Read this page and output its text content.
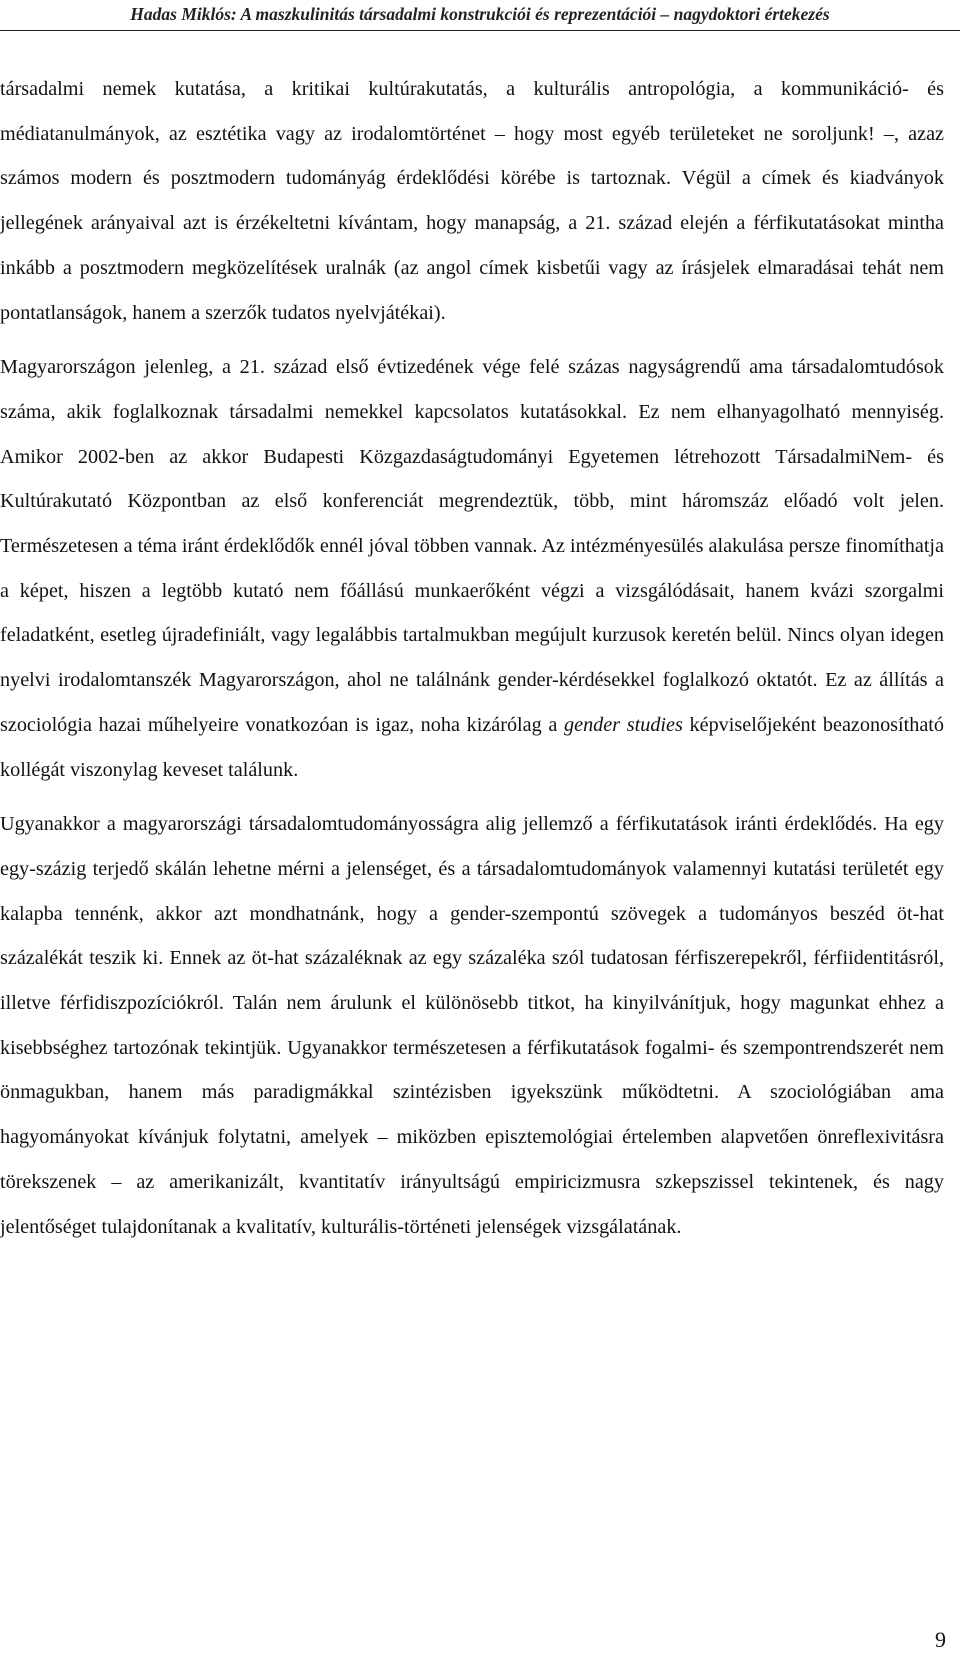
Hadas Miklós: A maszkulinitás társadalmi konstrukciói és reprezentációi – nagydoktori értekezés

társadalmi nemek kutatása, a kritikai kultúrakutatás, a kulturális antropológia, a kommunikáció- és médiatanulmányok, az esztétika vagy az irodalomtörténet – hogy most egyéb területeket ne soroljunk! –, azaz számos modern és posztmodern tudományág érdeklődési körébe is tartoznak. Végül a címek és kiadványok jellegének arányaival azt is érzékeltetni kívántam, hogy manapság, a 21. század elején a férfikutatásokat mintha inkább a posztmodern megközelítések uralnák (az angol címek kisbetűi vagy az írásjelek elmaradásai tehát nem pontatlanságok, hanem a szerzők tudatos nyelvjátékai).

Magyarországon jelenleg, a 21. század első évtizedének vége felé százas nagyságrendű ama társadalomtudósok száma, akik foglalkoznak társadalmi nemekkel kapcsolatos kutatásokkal. Ez nem elhanyagolható mennyiség. Amikor 2002-ben az akkor Budapesti Közgazdaságtudományi Egyetemen létrehozott TársadalmiNem- és Kultúrakutató Központban az első konferenciát megrendeztük, több, mint háromszáz előadó volt jelen. Természetesen a téma iránt érdeklődők ennél jóval többen vannak. Az intézményesülés alakulása persze finomíthatja a képet, hiszen a legtöbb kutató nem főállású munkaerőként végzi a vizsgálódásait, hanem kvázi szorgalmi feladatként, esetleg újradefiniált, vagy legalábbis tartalmukban megújult kurzusok keretén belül. Nincs olyan idegen nyelvi irodalomtanszék Magyarországon, ahol ne találnánk gender-kérdésekkel foglalkozó oktatót. Ez az állítás a szociológia hazai műhelyeire vonatkozóan is igaz, noha kizárólag a gender studies képviselőjeként beazonosítható kollégát viszonylag keveset találunk.

Ugyanakkor a magyarországi társadalomtudományosságra alig jellemző a férfikutatások iránti érdeklődés. Ha egy egy-százig terjedő skálán lehetne mérni a jelenséget, és a társadalomtudományok valamennyi kutatási területét egy kalapba tennénk, akkor azt mondhatnánk, hogy a gender-szempontú szövegek a tudományos beszéd öt-hat százalékát teszik ki. Ennek az öt-hat százaléknak az egy százaléka szól tudatosan férfiszerepekről, férfiidentitásról, illetve férfidiszpozíciókról. Talán nem árulunk el különösebb titkot, ha kinyilvánítjuk, hogy magunkat ehhez a kisebbséghez tartozónak tekintjük. Ugyanakkor természetesen a férfikutatások fogalmi- és szempontrendszerét nem önmagukban, hanem más paradigmákkal szintézisben igyekszünk működtetni. A szociológiában ama hagyományokat kívánjuk folytatni, amelyek – miközben episztemológiai értelemben alapvetően önreflexivitásra törekszenek – az amerikanizált, kvantitatív irányultságú empiricizmusra szkepszissel tekintenek, és nagy jelentőséget tulajdonítanak a kvalitatív, kulturális-történeti jelenségek vizsgálatának.

9
